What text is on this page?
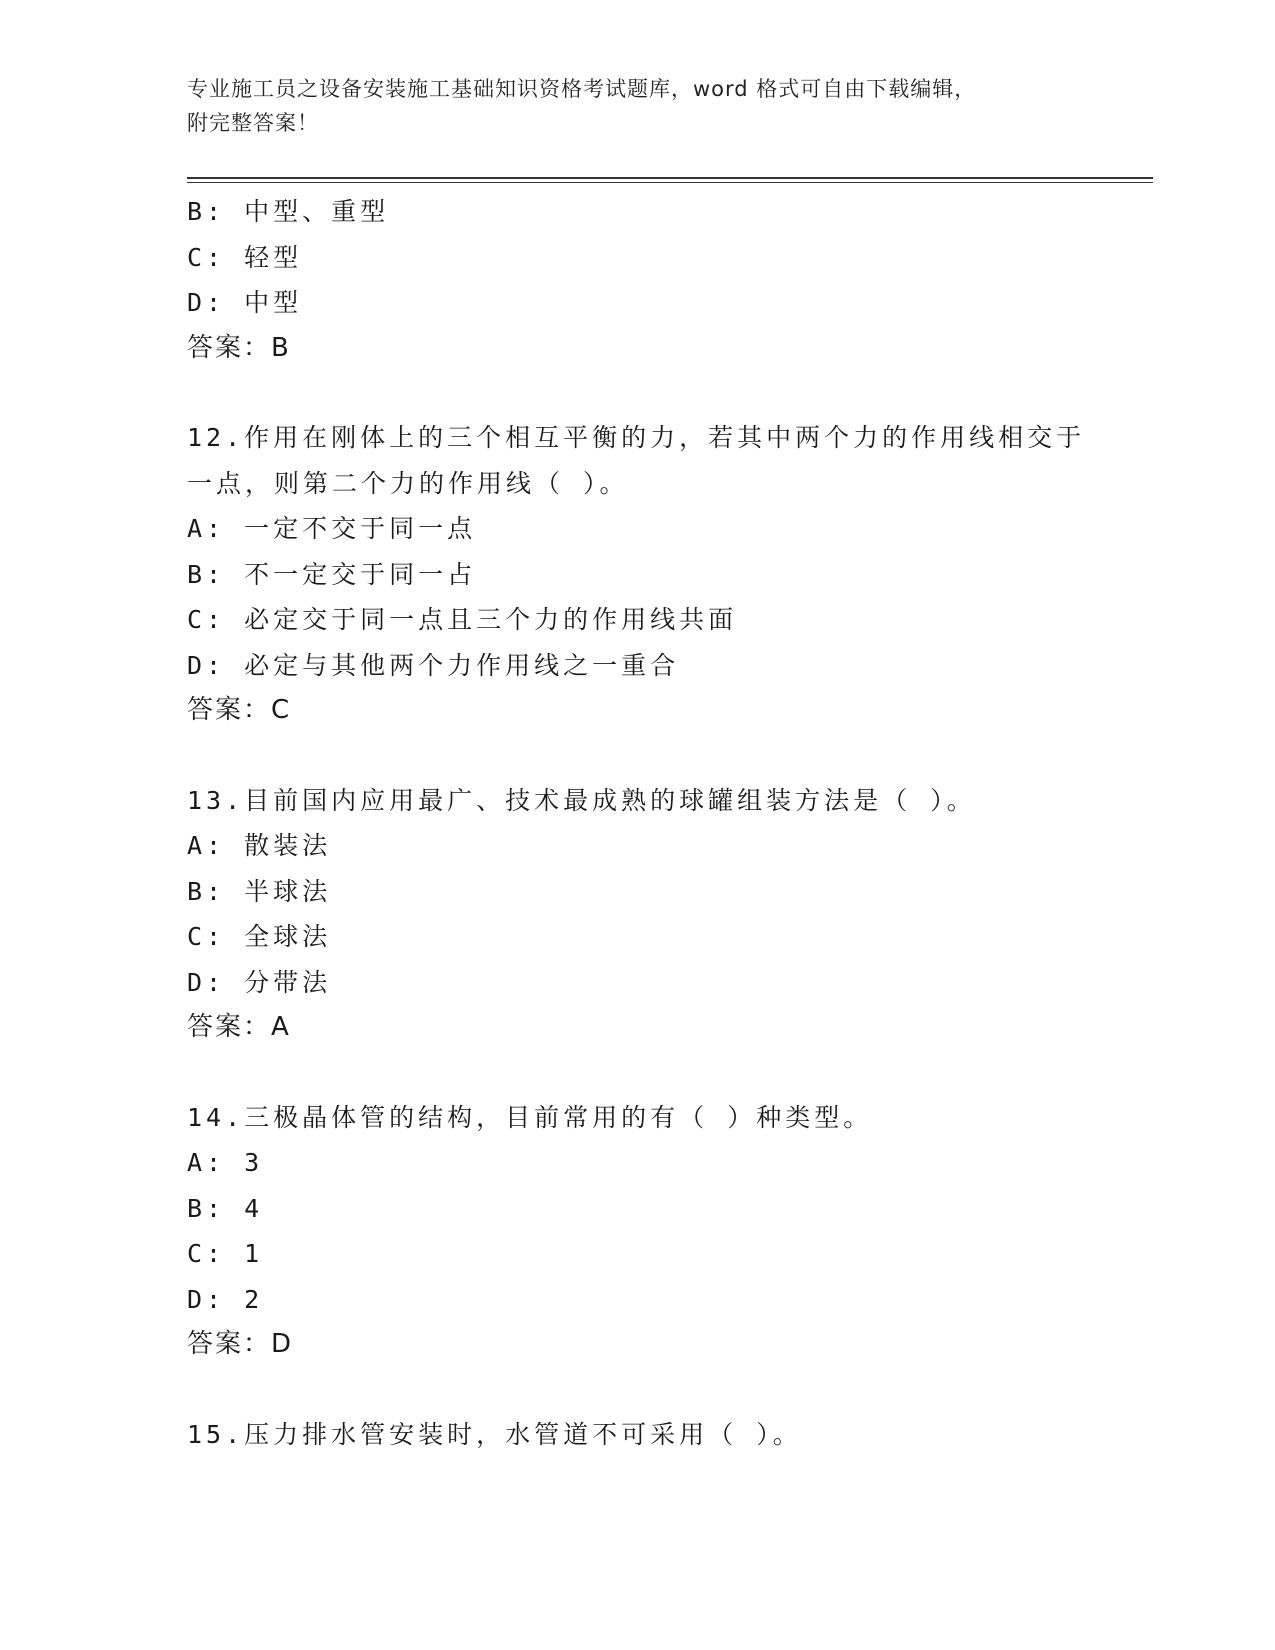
专业施工员之设备安装施工基础知识资格考试题库，word 格式可自由下载编辑，
附完整答案！
B: 中型、重型
C: 轻型
D: 中型
答案：B
12.作用在刚体上的三个相互平衡的力，若其中两个力的作用线相交于
一点，则第二个力的作用线（ ）。
A: 一定不交于同一点
B: 不一定交于同一占
C: 必定交于同一点且三个力的作用线共面
D: 必定与其他两个力作用线之一重合
答案：C
13.目前国内应用最广、技术最成熟的球罐组装方法是（ ）。
A: 散装法
B: 半球法
C: 全球法
D: 分带法
答案：A
14.三极晶体管的结构，目前常用的有（ ）种类型。
A: 3
B: 4
C: 1
D: 2
答案：D
15.压力排水管安装时，水管道不可采用（ ）。
